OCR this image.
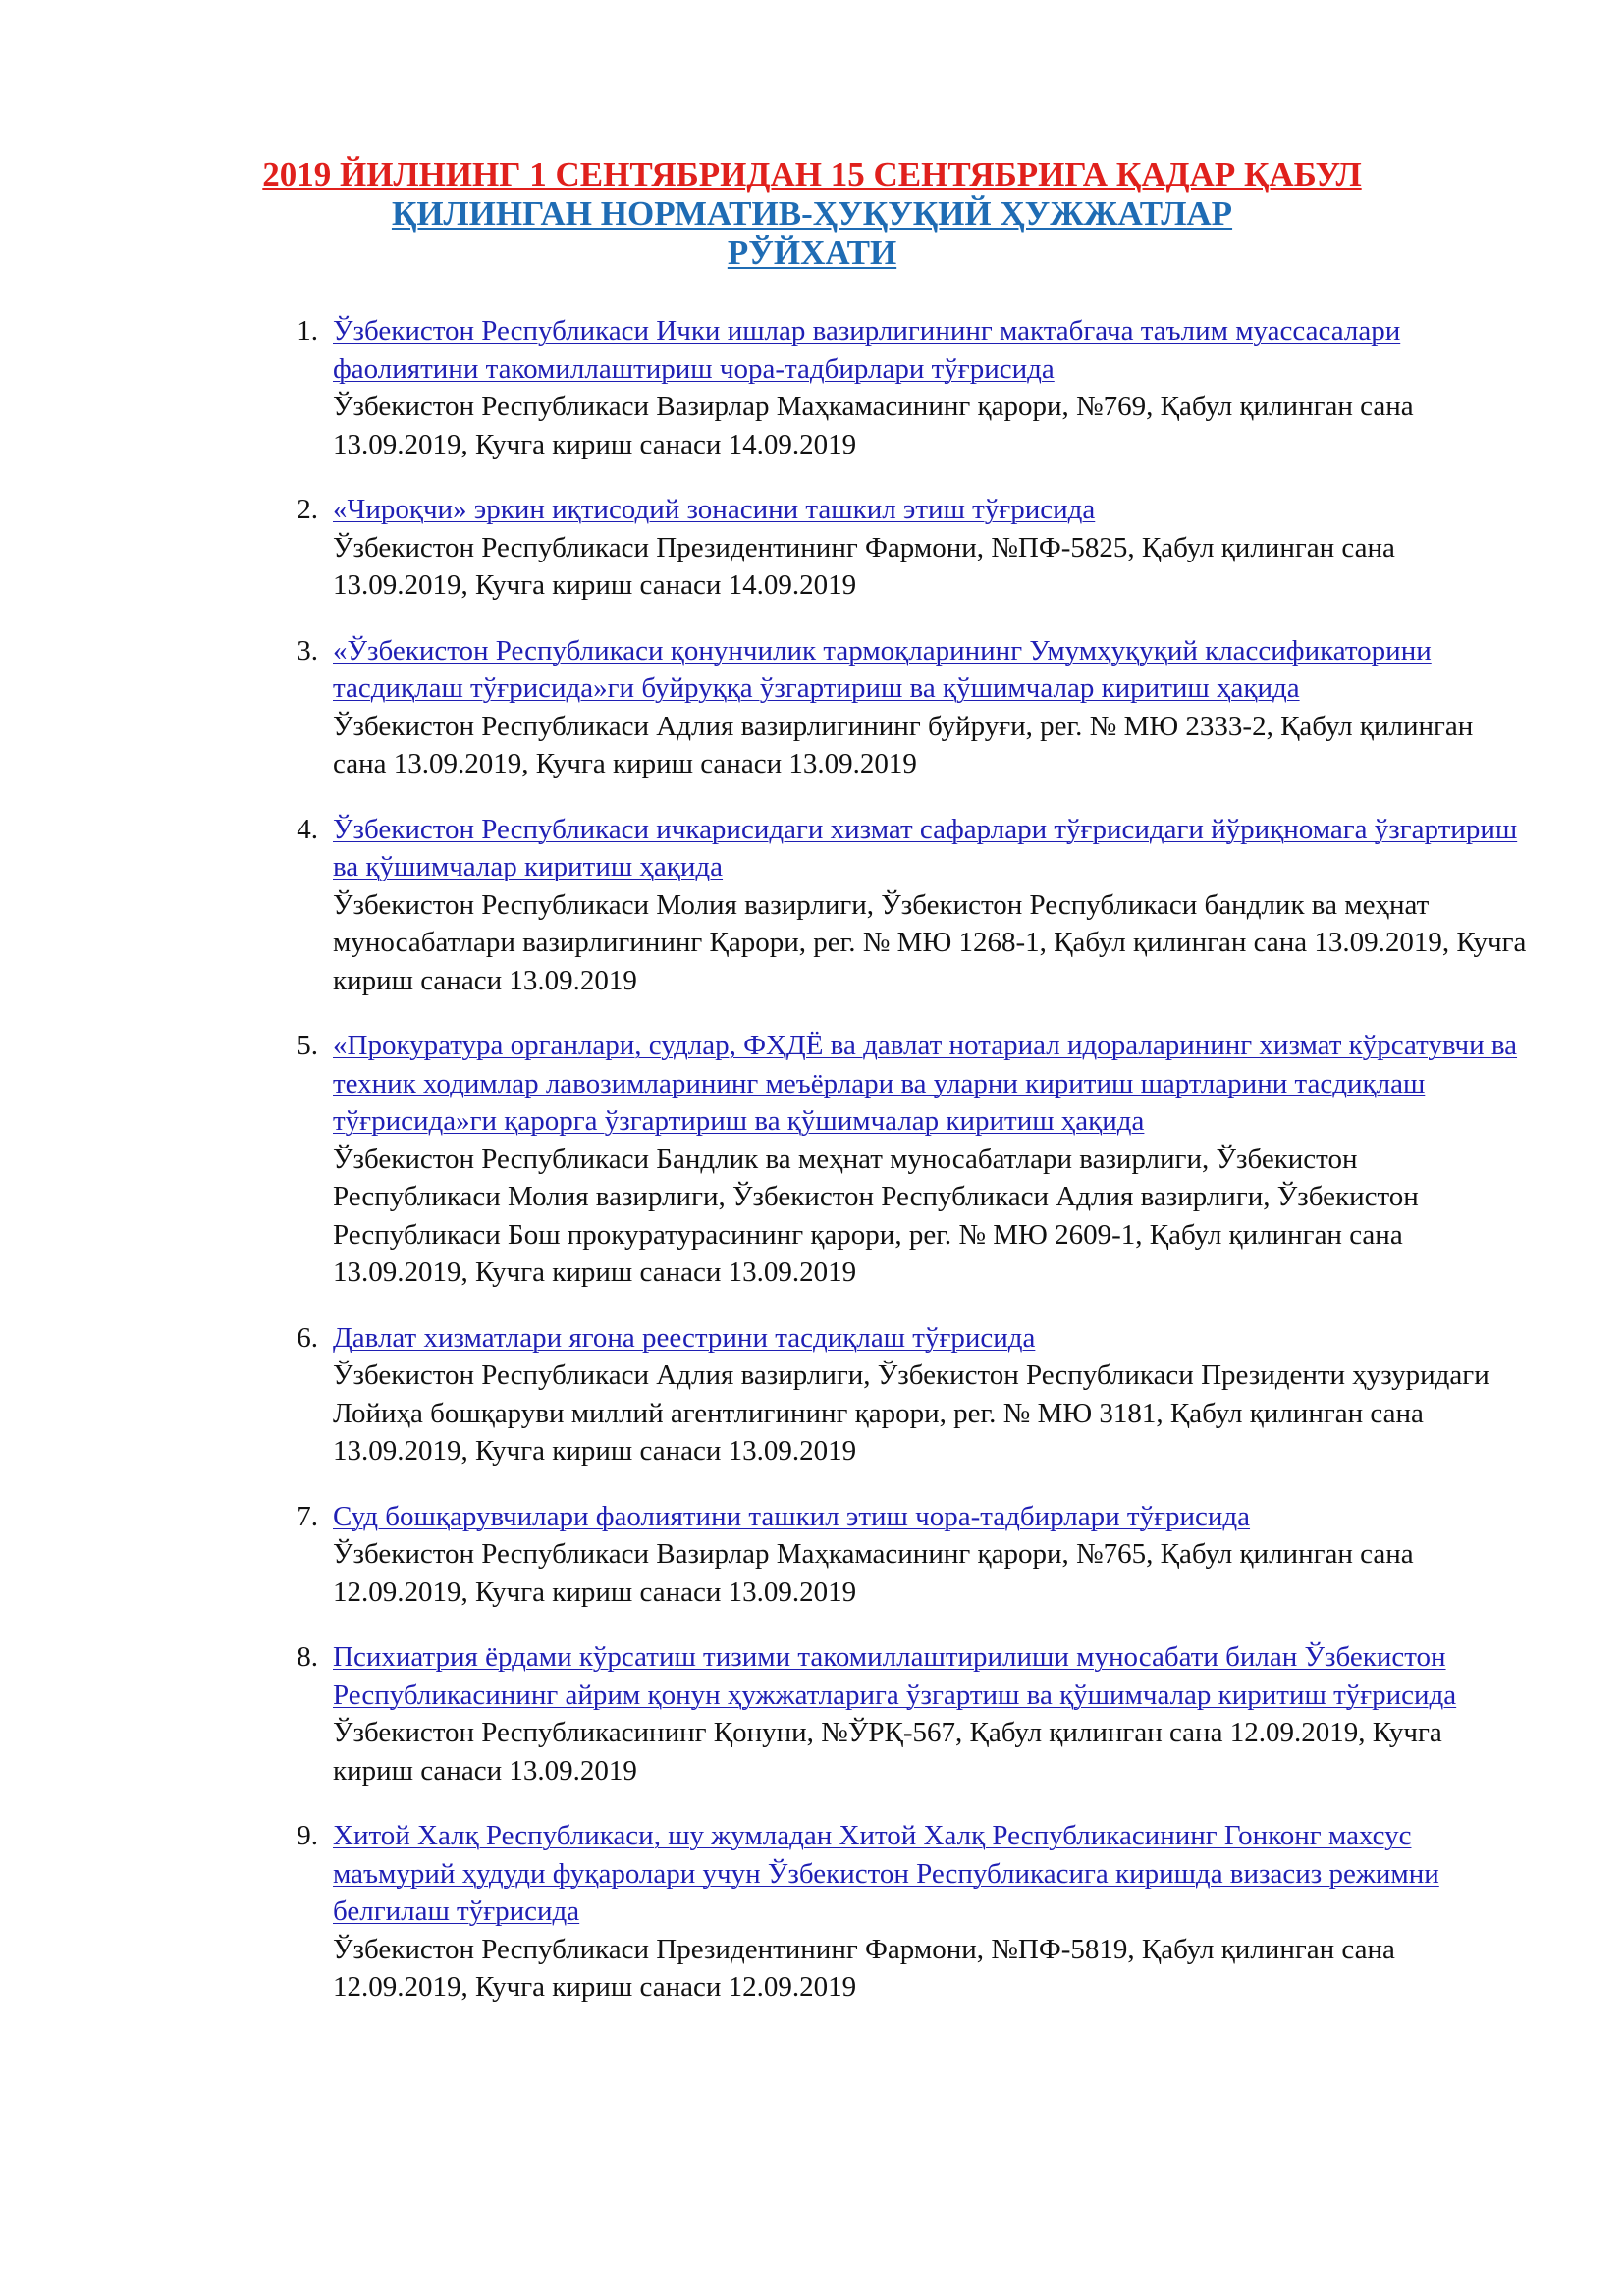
2019 ЙИЛНИНГ 1 СЕНТЯБРИДАН 15 СЕНТЯБРИГА ҚАДАР ҚАБУЛ
ҚИЛИНГАН НОРМАТИВ-ҲУҚУҚИЙ ҲУЖЖАТЛАР
РЎЙХАТИ
1. Ўзбекистон Республикаси Ички ишлар вазирлигининг мактабгача таълим муассасалари фаолиятини такомиллаштириш чора-тадбирлари тўғрисида
Ўзбекистон Республикаси Вазирлар Маҳкамасининг қарори, №769, Қабул қилинган сана 13.09.2019, Кучга кириш санаси 14.09.2019
2. «Чироқчи» эркин иқтисодий зонасини ташкил этиш тўғрисида
Ўзбекистон Республикаси Президентининг Фармони, №ПФ-5825, Қабул қилинган сана 13.09.2019, Кучга кириш санаси 14.09.2019
3. «Ўзбекистон Республикаси қонунчилик тармоқларининг Умумҳуқуқий классификаторини тасдиқлаш тўғрисида»ги буйруққа ўзгартириш ва қўшимчалар киритиш ҳақида
Ўзбекистон Республикаси Адлия вазирлигининг буйруғи, рег. № МЮ 2333-2, Қабул қилинган сана 13.09.2019, Кучга кириш санаси 13.09.2019
4. Ўзбекистон Республикаси ичкарисидаги хизмат сафарлари тўғрисидаги йўриқномага ўзгартириш ва қўшимчалар киритиш ҳақида
Ўзбекистон Республикаси Молия вазирлиги, Ўзбекистон Республикаси бандлик ва меҳнат муносабатлари вазирлигининг Қарори, рег. № МЮ 1268-1, Қабул қилинган сана 13.09.2019, Кучга кириш санаси 13.09.2019
5. «Прокуратура органлари, судлар, ФҲДЁ ва давлат нотариал идораларининг хизмат кўрсатувчи ва техник ходимлар лавозимларининг меъёрлари ва уларни киритиш шартларини тасдиқлаш тўғрисида»ги қарорга ўзгартириш ва қўшимчалар киритиш ҳақида
Ўзбекистон Республикаси Бандлик ва меҳнат муносабатлари вазирлиги, Ўзбекистон Республикаси Молия вазирлиги, Ўзбекистон Республикаси Адлия вазирлиги, Ўзбекистон Республикаси Бош прокуратурасининг қарори, рег. № МЮ 2609-1, Қабул қилинган сана 13.09.2019, Кучга кириш санаси 13.09.2019
6. Давлат хизматлари ягона реестрини тасдиқлаш тўғрисида
Ўзбекистон Республикаси Адлия вазирлиги, Ўзбекистон Республикаси Президенти ҳузуридаги Лойиҳа бошқаруви миллий агентлигининг қарори, рег. № МЮ 3181, Қабул қилинган сана 13.09.2019, Кучга кириш санаси 13.09.2019
7. Суд бошқарувчилари фаолиятини ташкил этиш чора-тадбирлари тўғрисида
Ўзбекистон Республикаси Вазирлар Маҳкамасининг қарори, №765, Қабул қилинган сана 12.09.2019, Кучга кириш санаси 13.09.2019
8. Психиатрия ёрдами кўрсатиш тизими такомиллаштирилиши муносабати билан Ўзбекистон Республикасининг айрим қонун ҳужжатларига ўзгартиш ва қўшимчалар киритиш тўғрисида
Ўзбекистон Республикасининг Қонуни, №ЎРҚ-567, Қабул қилинган сана 12.09.2019, Кучга кириш санаси 13.09.2019
9. Хитой Халқ Республикаси, шу жумладан Хитой Халқ Республикасининг Гонконг махсус маъмурий ҳудуди фуқаролари учун Ўзбекистон Республикасига киришда визасиз режимни белгилаш тўғрисида
Ўзбекистон Республикаси Президентининг Фармони, №ПФ-5819, Қабул қилинган сана 12.09.2019, Кучга кириш санаси 12.09.2019
